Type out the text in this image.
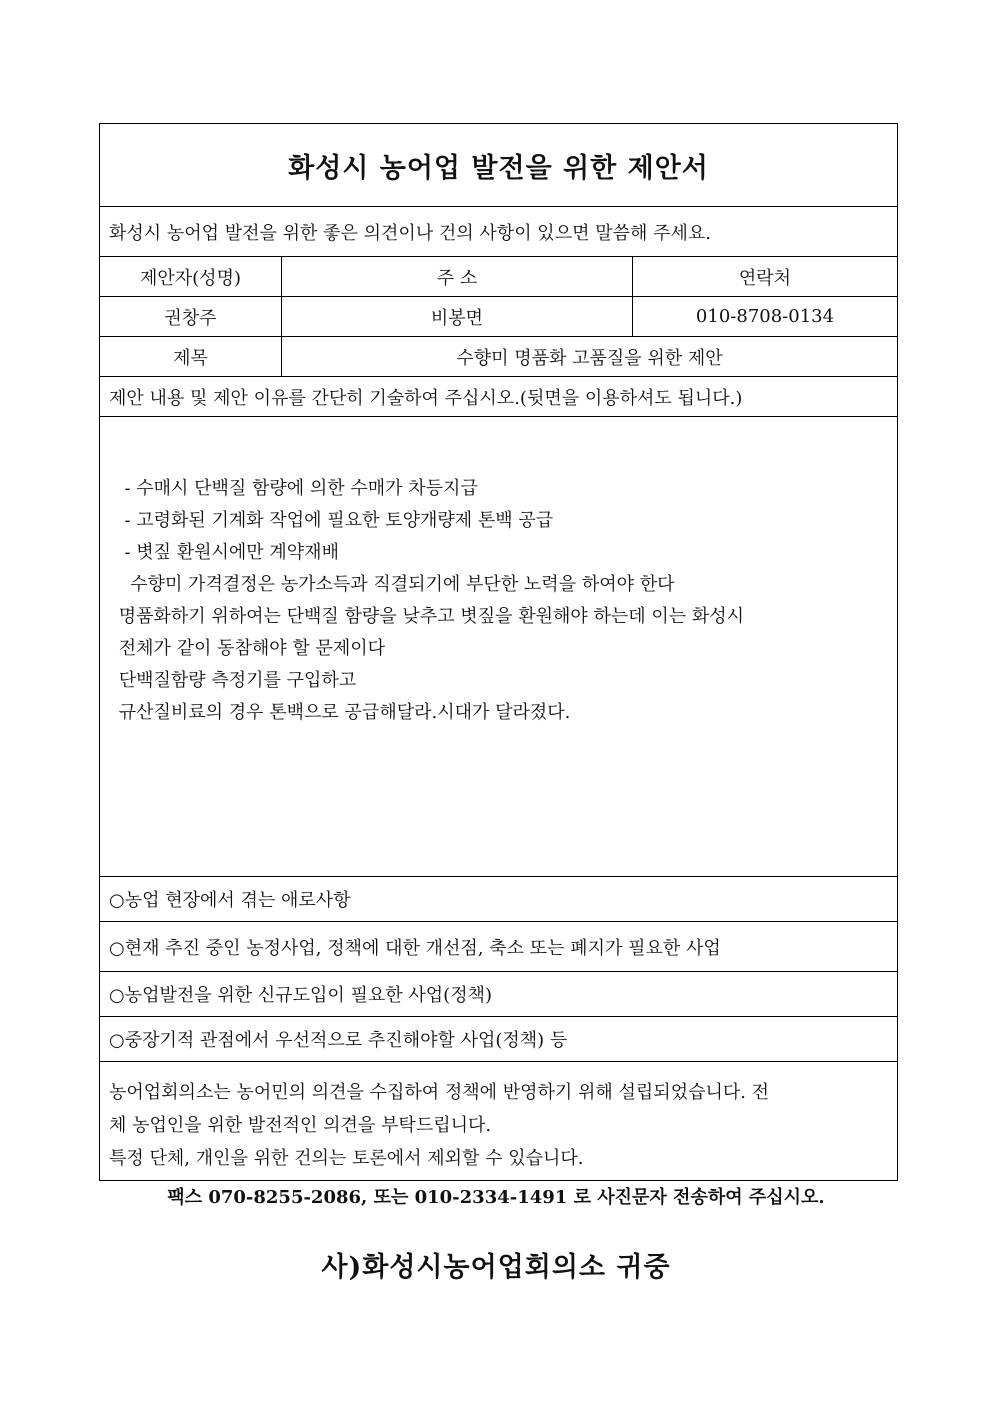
화성시 농어업 발전을 위한 제안서
화성시 농어업 발전을 위한 좋은 의견이나 건의 사항이 있으면 말씀해 주세요.
제안자(성명)	주 소	연락처
권창주	비봉면	010-8708-0134
제목	수향미 명품화 고품질을 위한 제안
제안 내용 및 제안 이유를 간단히 기술하여 주십시오.(뒷면을 이용하셔도 됩니다.)
- 수매시 단백질 함량에 의한 수매가 차등지급
- 고령화된 기계화 작업에 필요한 토양개량제 톤백 공급
- 볏짚 환원시에만 계약재배
수향미 가격결정은 농가소득과 직결되기에 부단한 노력을 하여야 한다
명품화하기 위하여는 단백질 함량을 낮추고 볏짚을 환원해야 하는데 이는 화성시
전체가 같이 동참해야 할 문제이다
단백질함량 측정기를 구입하고
규산질비료의 경우 톤백으로 공급해달라.시대가 달라졌다.
○농업 현장에서 겪는 애로사항
○현재 추진 중인 농정사업, 정책에 대한 개선점, 축소 또는 폐지가 필요한 사업
○농업발전을 위한 신규도입이 필요한 사업(정책)
○중장기적 관점에서 우선적으로 추진해야할 사업(정책) 등
농어업회의소는 농어민의 의견을 수집하여 정책에 반영하기 위해 설립되었습니다. 전
체 농업인을 위한 발전적인 의견을 부탁드립니다.
특정 단체, 개인을 위한 건의는 토론에서 제외할 수 있습니다.
팩스 070-8255-2086, 또는 010-2334-1491 로 사진문자 전송하여 주십시오.
사)화성시농어업회의소 귀중
